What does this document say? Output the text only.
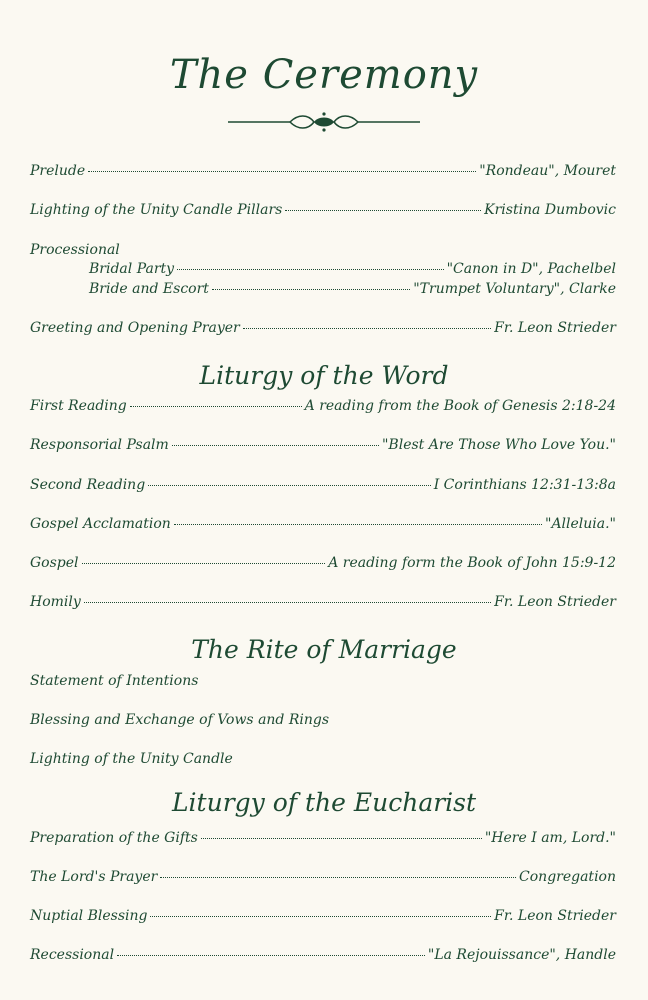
The Ceremony
Prelude	"Rondeau", Mouret
Lighting of the Unity Candle Pillars	Kristina Dumbovic
Processional
Bridal Party	"Canon in D", Pachelbel
Bride and Escort	"Trumpet Voluntary", Clarke
Greeting and Opening Prayer	Fr. Leon Strieder
Liturgy of the Word
First Reading	A reading from the Book of Genesis 2:18-24
Responsorial Psalm	"Blest Are Those Who Love You."
Second Reading	I Corinthians 12:31-13:8a
Gospel Acclamation	"Alleluia."
Gospel	A reading form the Book of John 15:9-12
Homily	Fr. Leon Strieder
The Rite of Marriage
Statement of Intentions
Blessing and Exchange of Vows and Rings
Lighting of the Unity Candle
Liturgy of the Eucharist
Preparation of the Gifts	"Here I am, Lord."
The Lord's Prayer	Congregation
Nuptial Blessing	Fr. Leon Strieder
Recessional	"La Rejouissance", Handle
